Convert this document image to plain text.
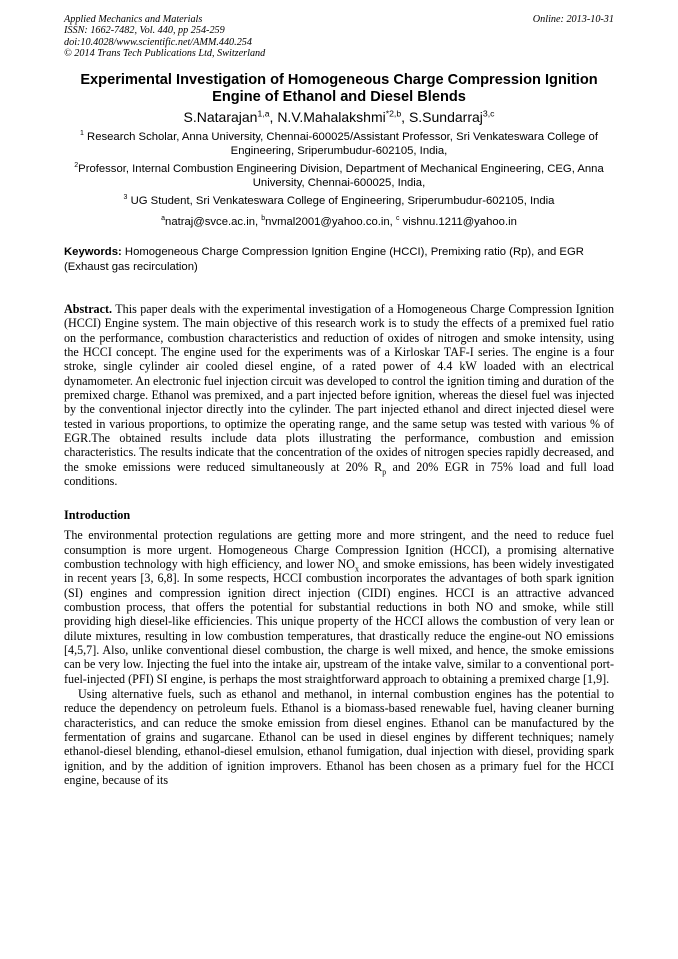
Applied Mechanics and Materials
ISSN: 1662-7482, Vol. 440, pp 254-259
doi:10.4028/www.scientific.net/AMM.440.254
© 2014 Trans Tech Publications Ltd, Switzerland
Online: 2013-10-31
Experimental Investigation of Homogeneous Charge Compression Ignition Engine of Ethanol and Diesel Blends
S.Natarajan$^{1,a}$, N.V.Mahalakshmi$^{*2,b}$, S.Sundarraj$^{3,c}$
$^1$ Research Scholar, Anna University, Chennai-600025/Assistant Professor, Sri Venkateswara College of Engineering, Sriperumbudur-602105, India,
$^2$Professor, Internal Combustion Engineering Division, Department of Mechanical Engineering, CEG, Anna University, Chennai-600025, India,
$^3$ UG Student, Sri Venkateswara College of Engineering, Sriperumbudur-602105, India
$^a$natraj@svce.ac.in, $^b$nvmal2001@yahoo.co.in, $^c$ vishnu.1211@yahoo.in
Keywords: Homogeneous Charge Compression Ignition Engine (HCCI), Premixing ratio (Rp), and EGR (Exhaust gas recirculation)
Abstract. This paper deals with the experimental investigation of a Homogeneous Charge Compression Ignition (HCCI) Engine system. The main objective of this research work is to study the effects of a premixed fuel ratio on the performance, combustion characteristics and reduction of oxides of nitrogen and smoke intensity, using the HCCI concept. The engine used for the experiments was of a Kirloskar TAF-I series. The engine is a four stroke, single cylinder air cooled diesel engine, of a rated power of 4.4 kW loaded with an electrical dynamometer. An electronic fuel injection circuit was developed to control the ignition timing and duration of the premixed charge. Ethanol was premixed, and a part injected before ignition, whereas the diesel fuel was injected by the conventional injector directly into the cylinder. The part injected ethanol and direct injected diesel were tested in various proportions, to optimize the operating range, and the same setup was tested with various % of EGR.The obtained results include data plots illustrating the performance, combustion and emission characteristics. The results indicate that the concentration of the oxides of nitrogen species rapidly decreased, and the smoke emissions were reduced simultaneously at 20% $R_p$ and 20% EGR in 75% load and full load conditions.
Introduction

The environmental protection regulations are getting more and more stringent, and the need to reduce fuel consumption is more urgent. Homogeneous Charge Compression Ignition (HCCI), a promising alternative combustion technology with high efficiency, and lower $NO_x$ and smoke emissions, has been widely investigated in recent years [3, 6,8]. In some respects, HCCI combustion incorporates the advantages of both spark ignition (SI) engines and compression ignition direct injection (CIDI) engines. HCCI is an attractive advanced combustion process, that offers the potential for substantial reductions in both NO and smoke, while still providing high diesel-like efficiencies. This unique property of the HCCI allows the combustion of very lean or dilute mixtures, resulting in low combustion temperatures, that drastically reduce the engine-out NO emissions [4,5,7]. Also, unlike conventional diesel combustion, the charge is well mixed, and hence, the smoke emissions can be very low. Injecting the fuel into the intake air, upstream of the intake valve, similar to a conventional port-fuel-injected (PFI) SI engine, is perhaps the most straightforward approach to obtaining a premixed charge [1,9].

Using alternative fuels, such as ethanol and methanol, in internal combustion engines has the potential to reduce the dependency on petroleum fuels. Ethanol is a biomass-based renewable fuel, having cleaner burning characteristics, and can reduce the smoke emission from diesel engines. Ethanol can be manufactured by the fermentation of grains and sugarcane. Ethanol can be used in diesel engines by different techniques; namely ethanol-diesel blending, ethanol-diesel emulsion, ethanol fumigation, dual injection with diesel, providing spark ignition, and by the addition of ignition improvers. Ethanol has been chosen as a primary fuel for the HCCI engine, because of its
